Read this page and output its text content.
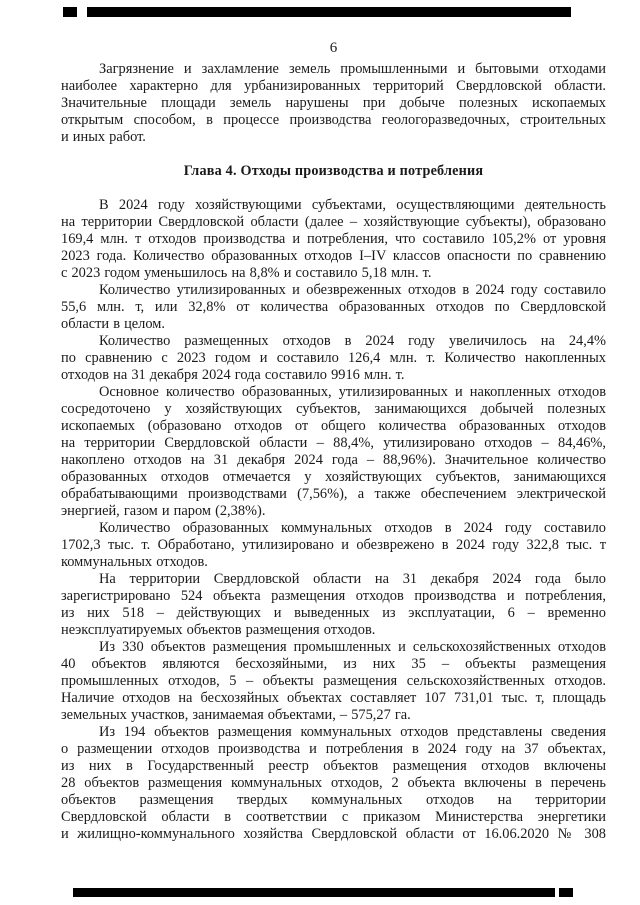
6
Загрязнение и захламление земель промышленными и бытовыми отходами
наиболее характерно для урбанизированных территорий Свердловской области.
Значительные площади земель нарушены при добыче полезных ископаемых
открытым способом, в процессе производства геологоразведочных, строительных
и иных работ.
Глава 4. Отходы производства и потребления
В 2024 году хозяйствующими субъектами, осуществляющими деятельность
на территории Свердловской области (далее – хозяйствующие субъекты), образовано
169,4 млн. т отходов производства и потребления, что составило 105,2% от уровня
2023 года. Количество образованных отходов I–IV классов опасности по сравнению
с 2023 годом уменьшилось на 8,8% и составило 5,18 млн. т.
Количество утилизированных и обезвреженных отходов в 2024 году составило
55,6 млн. т, или 32,8% от количества образованных отходов по Свердловской
области в целом.
Количество размещенных отходов в 2024 году увеличилось на 24,4%
по сравнению с 2023 годом и составило 126,4 млн. т. Количество накопленных
отходов на 31 декабря 2024 года составило 9916 млн. т.
Основное количество образованных, утилизированных и накопленных отходов
сосредоточено у хозяйствующих субъектов, занимающихся добычей полезных
ископаемых (образовано отходов от общего количества образованных отходов
на территории Свердловской области – 88,4%, утилизировано отходов – 84,46%,
накоплено отходов на 31 декабря 2024 года – 88,96%). Значительное количество
образованных отходов отмечается у хозяйствующих субъектов, занимающихся
обрабатывающими производствами (7,56%), а также обеспечением электрической
энергией, газом и паром (2,38%).
Количество образованных коммунальных отходов в 2024 году составило
1702,3 тыс. т. Обработано, утилизировано и обезврежено в 2024 году 322,8 тыс. т
коммунальных отходов.
На территории Свердловской области на 31 декабря 2024 года было
зарегистрировано 524 объекта размещения отходов производства и потребления,
из них 518 – действующих и выведенных из эксплуатации, 6 – временно
неэксплуатируемых объектов размещения отходов.
Из 330 объектов размещения промышленных и сельскохозяйственных отходов
40 объектов являются бесхозяйными, из них 35 – объекты размещения
промышленных отходов, 5 – объекты размещения сельскохозяйственных отходов.
Наличие отходов на бесхозяйных объектах составляет 107 731,01 тыс. т, площадь
земельных участков, занимаемая объектами, – 575,27 га.
Из 194 объектов размещения коммунальных отходов представлены сведения
о размещении отходов производства и потребления в 2024 году на 37 объектах,
из них в Государственный реестр объектов размещения отходов включены
28 объектов размещения коммунальных отходов, 2 объекта включены в перечень
объектов размещения твердых коммунальных отходов на территории
Свердловской области в соответствии с приказом Министерства энергетики
и жилищно-коммунального хозяйства Свердловской области от 16.06.2020 № 308
